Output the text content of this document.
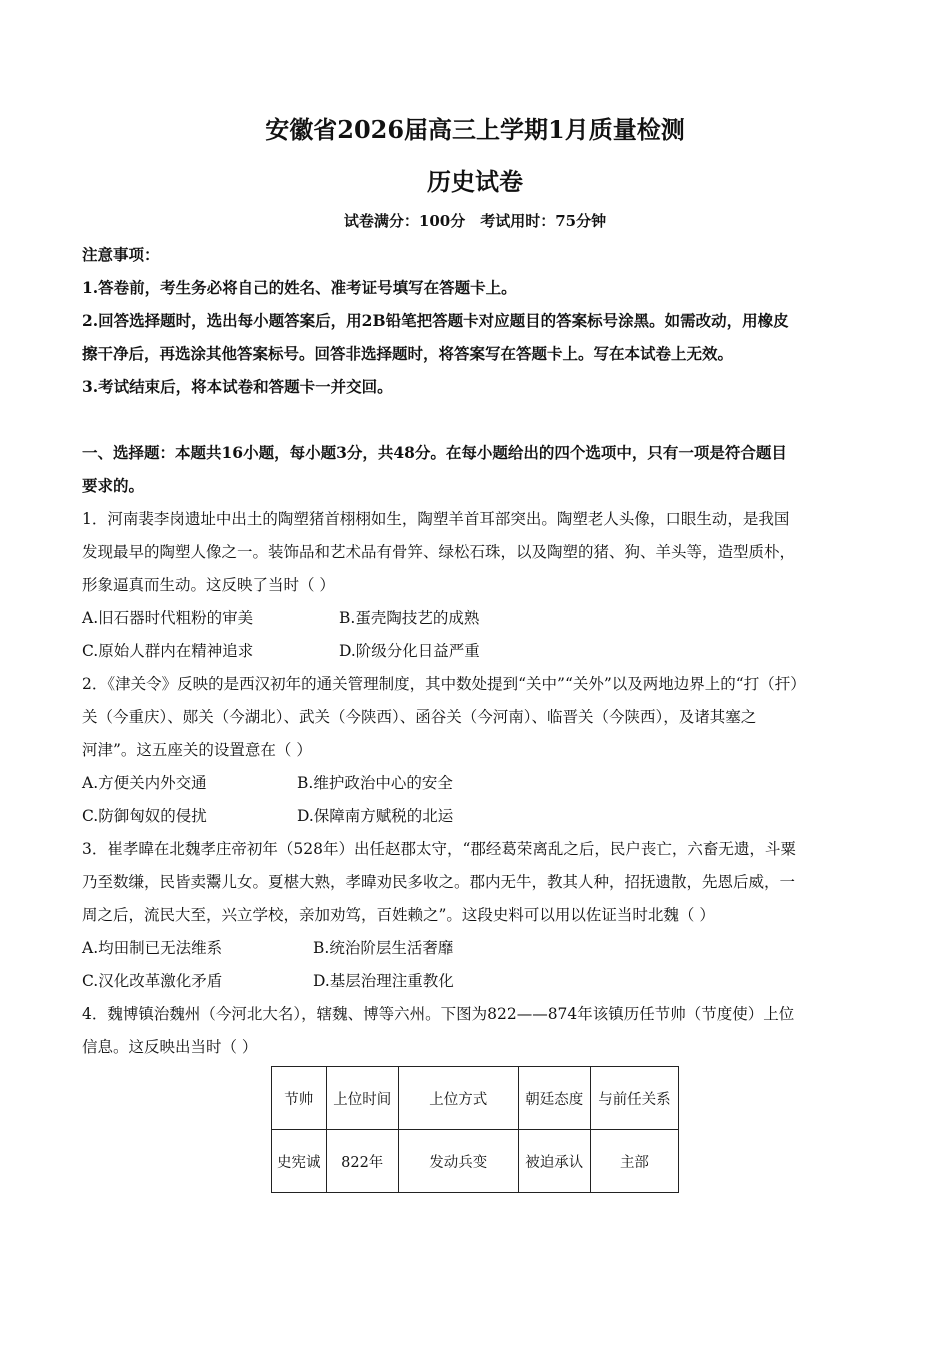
安徽省2026届高三上学期1月质量检测
历史试卷
试卷满分：100分　考试用时：75分钟
注意事项：
1.答卷前，考生务必将自己的姓名、准考证号填写在答题卡上。
2.回答选择题时，选出每小题答案后，用2B铅笔把答题卡对应题目的答案标号涂黑。如需改动，用橡皮
擦干净后，再选涂其他答案标号。回答非选择题时，将答案写在答题卡上。写在本试卷上无效。
3.考试结束后，将本试卷和答题卡一并交回。
一、选择题：本题共16小题，每小题3分，共48分。在每小题给出的四个选项中，只有一项是符合题目
要求的。
1．河南裴李岗遗址中出土的陶塑猪首栩栩如生，陶塑羊首耳部突出。陶塑老人头像，口眼生动，是我国
发现最早的陶塑人像之一。装饰品和艺术品有骨笄、绿松石珠，以及陶塑的猪、狗、羊头等，造型质朴，
形象逼真而生动。这反映了当时（ ）
A.旧石器时代粗粉的审美	B.蛋壳陶技艺的成熟
C.原始人群内在精神追求	D.阶级分化日益严重
2．《津关令》反映的是西汉初年的通关管理制度，其中数处提到“关中”“关外”以及两地边界上的“打（扞）
关（今重庆）、郧关（今湖北）、武关（今陕西）、函谷关（今河南）、临晋关（今陕西），及诸其塞之
河津”。这五座关的设置意在（ ）
A.方便关内外交通	B.维护政治中心的安全
C.防御匈奴的侵扰	D.保障南方赋税的北运
3．崔孝暐在北魏孝庄帝初年（528年）出任赵郡太守，“郡经葛荣离乱之后，民户丧亡，六畜无遗，斗粟
乃至数缣，民皆卖鬻儿女。夏椹大熟，孝暐劝民多收之。郡内无牛，教其人种，招抚遗散，先恩后威，一
周之后，流民大至，兴立学校，亲加劝笃，百姓赖之”。这段史料可以用以佐证当时北魏（ ）
A.均田制已无法维系	B.统治阶层生活奢靡
C.汉化改革激化矛盾	D.基层治理注重教化
4．魏博镇治魏州（今河北大名），辖魏、博等六州。下图为822——874年该镇历任节帅（节度使）上位
信息。这反映出当时（ ）
节帅	上位时间	上位方式	朝廷态度	与前任关系
史宪诚	822年	发动兵变	被迫承认	主部
